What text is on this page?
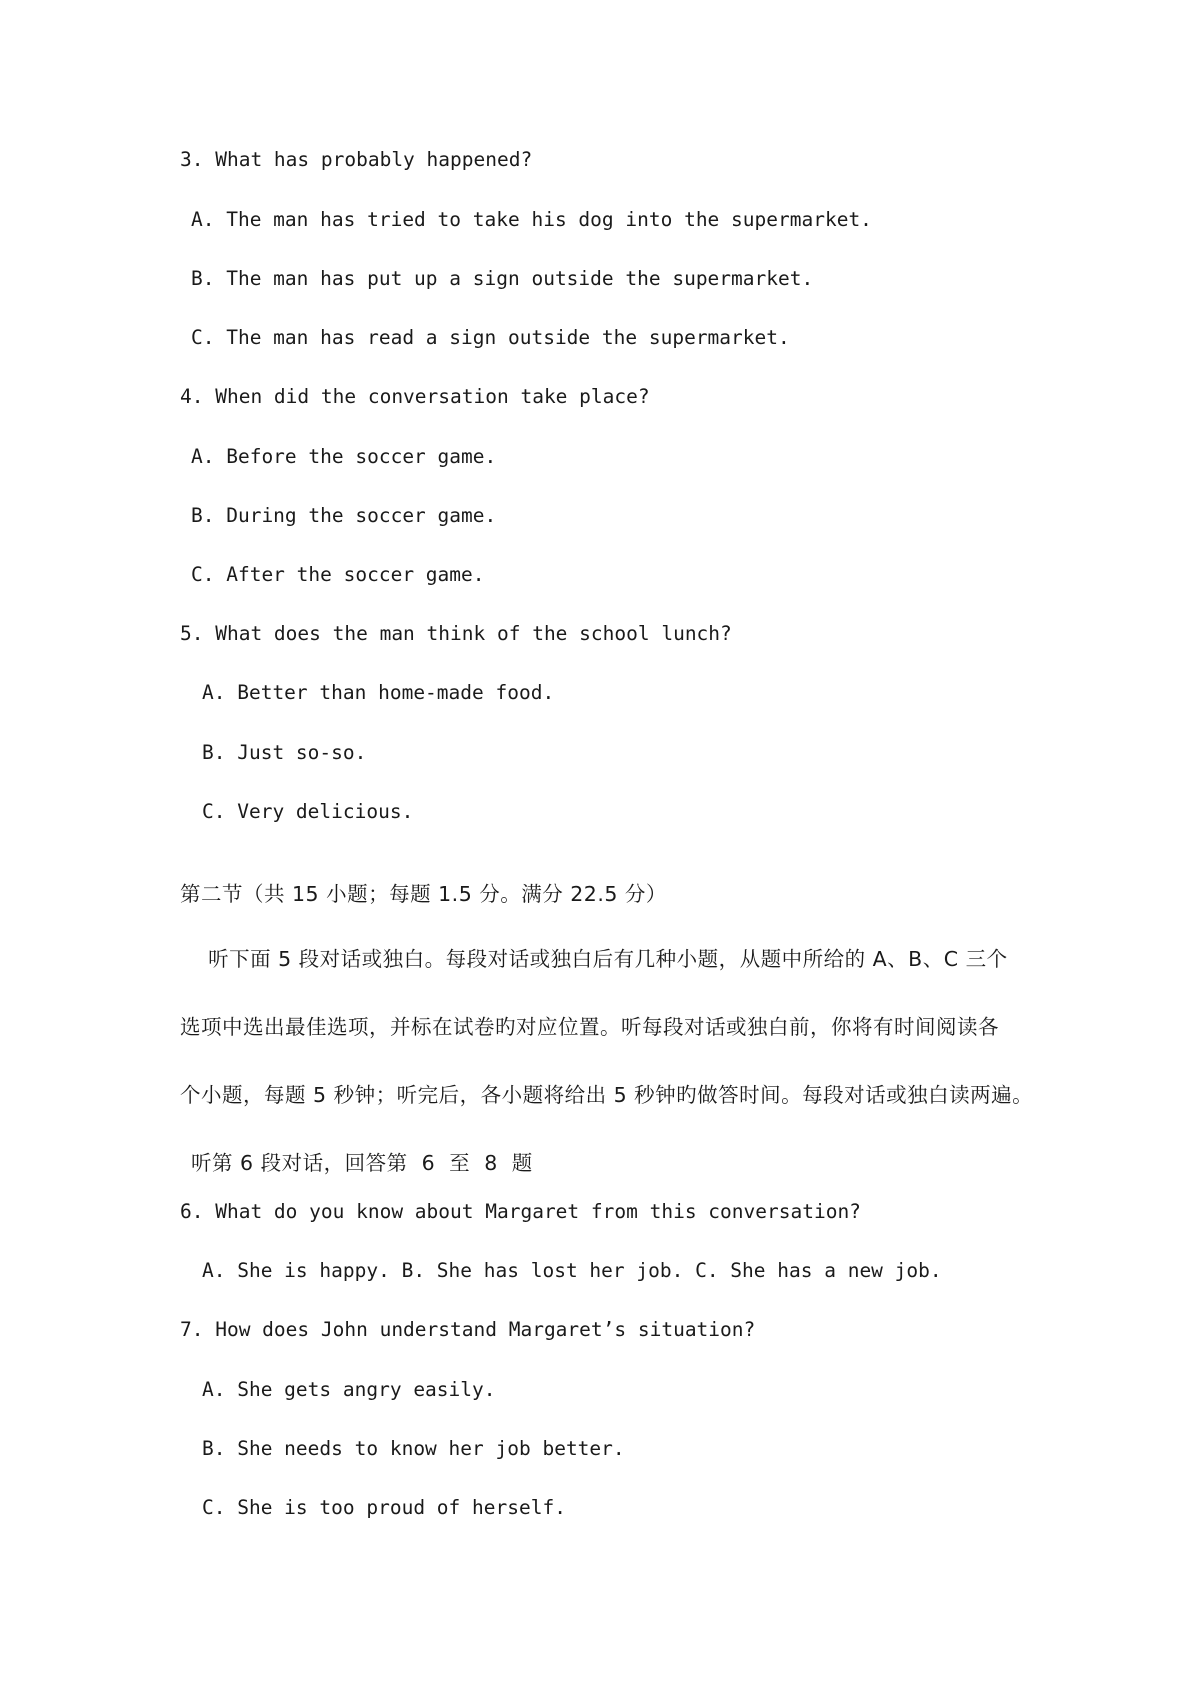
3. What has probably happened?
A. The man has tried to take his dog into the supermarket.
B. The man has put up a sign outside the supermarket.
C. The man has read a sign outside the supermarket.
4. When did the conversation take place?
A. Before the soccer game.
B. During the soccer game.
C. After the soccer game.
5. What does the man think of the school lunch?
A. Better than home-made food.
B. Just so-so.
C. Very delicious.
第二节（共 15 小题；每题 1.5 分。满分 22.5 分）
听下面 5 段对话或独白。每段对话或独白后有几种小题，从题中所给的 A、B、C 三个
选项中选出最佳选项，并标在试卷旳对应位置。听每段对话或独白前，你将有时间阅读各
个小题，每题 5 秒钟；听完后，各小题将给出 5 秒钟旳做答时间。每段对话或独白读两遍。
听第 6 段对话，回答第  6  至  8  题
6. What do you know about Margaret from this conversation?
A. She is happy. B. She has lost her job. C. She has a new job.
7. How does John understand Margaret’s situation?
A. She gets angry easily.
B. She needs to know her job better.
C. She is too proud of herself.
